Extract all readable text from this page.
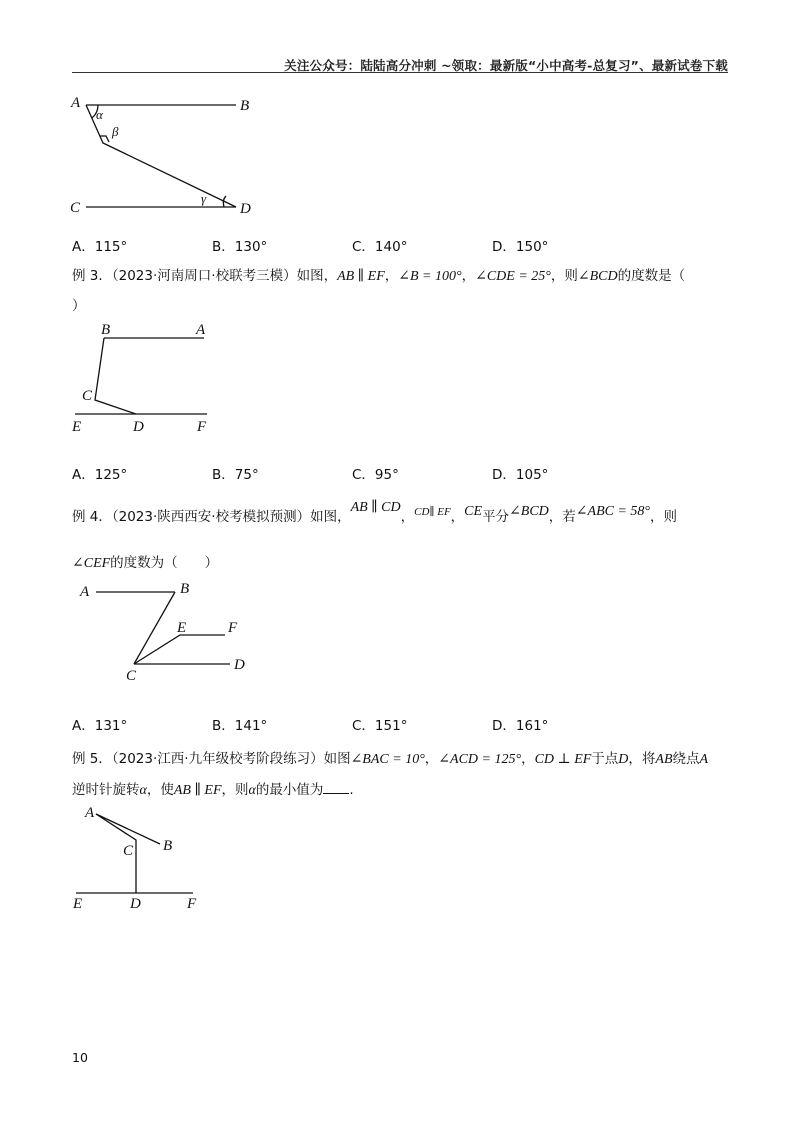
关注公众号：陆陆高分冲刺 ~领取：最新版“小中高考-总复习”、最新试卷下载
A	B
α
β
γ
C	D
B	A
C
E	D	F
A	B
E	F
C
D
A
B
C
E	D	F
A．115°	B．130°	C．140°	D．150°
例 3．（2023·河南周口·校联考三模）如图，AB ∥ EF，∠B = 100°，∠CDE = 25°，则∠BCD的度数是（
）
A．125°	B．75°	C．95°	D．105°
例 4．（2023·陕西西安·校考模拟预测）如图，AB ∥ CD，$^{CD\parallel EF}$，CE平分∠BCD，若∠ABC = 58°，则
∠CEF的度数为（　　）
A．131°	B．141°	C．151°	D．161°
例 5．（2023·江西·九年级校考阶段练习）如图∠BAC = 10°，∠ACD = 125°，CD ⊥ EF于点D，将AB绕点A
逆时针旋转α，使AB ∥ EF，则α的最小值为 .
10
